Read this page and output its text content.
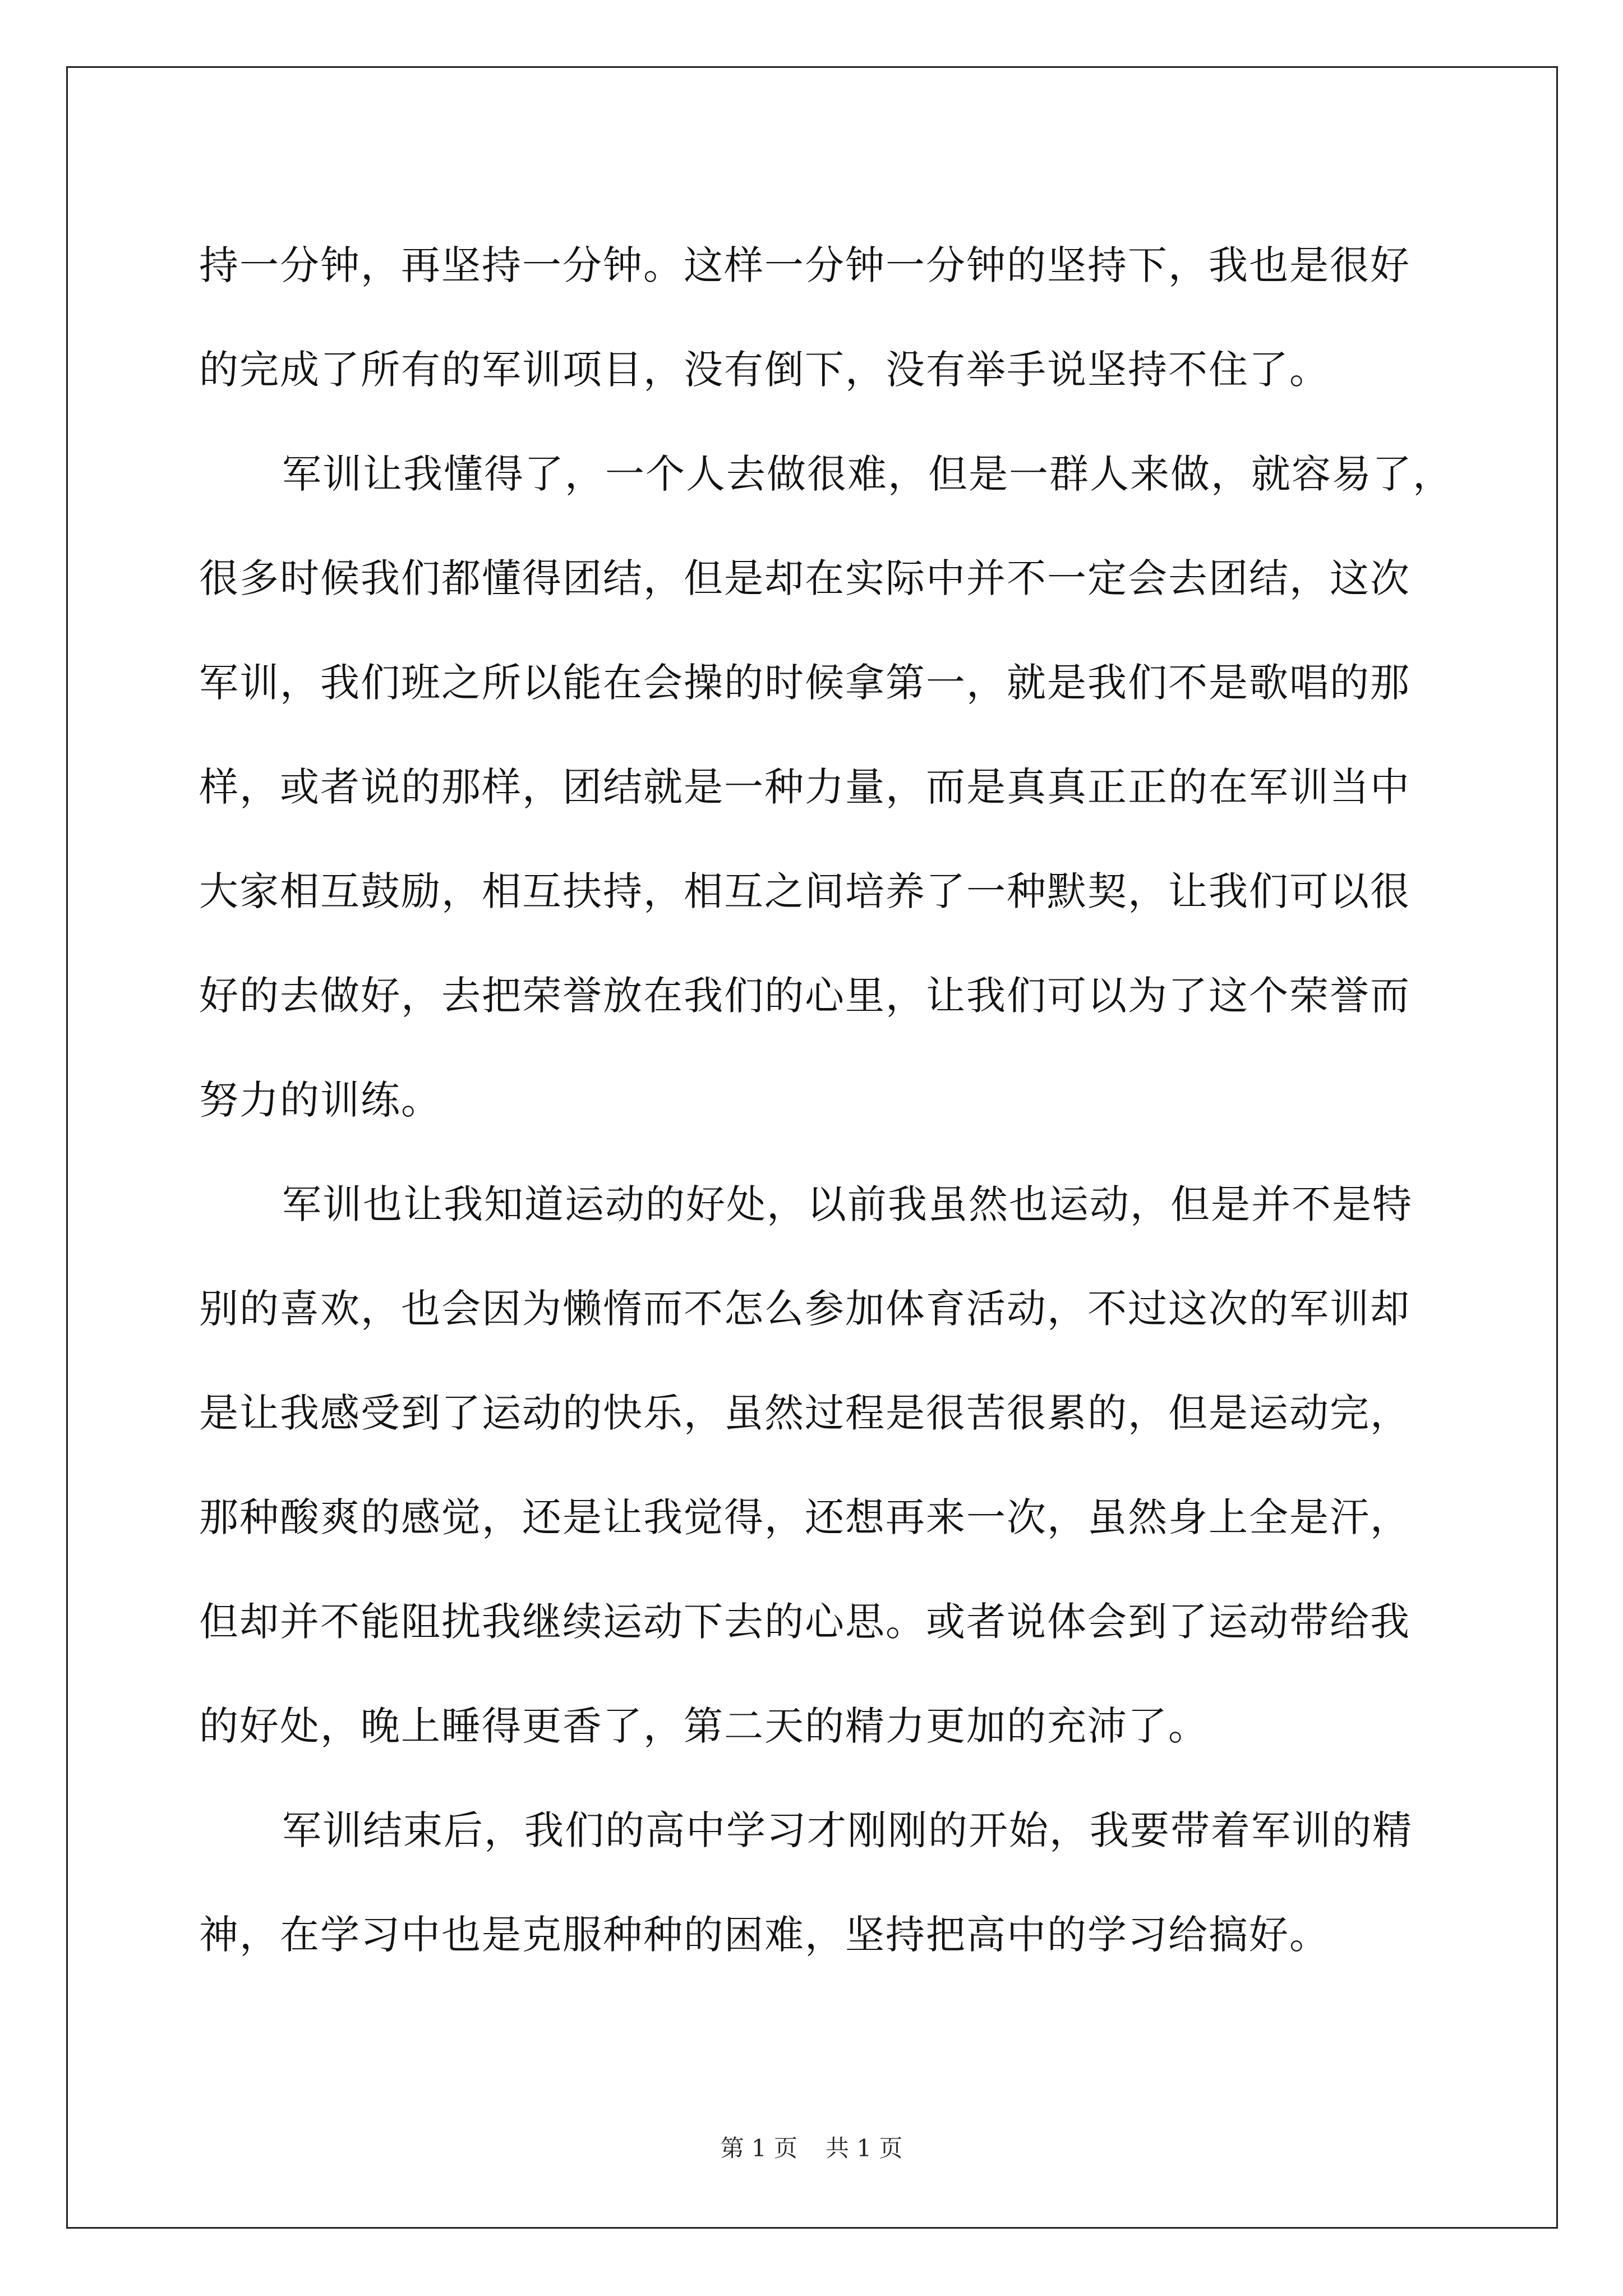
持一分钟，再坚持一分钟。这样一分钟一分钟的坚持下，我也是很好
的完成了所有的军训项目，没有倒下，没有举手说坚持不住了。
军训让我懂得了，一个人去做很难，但是一群人来做，就容易了，
很多时候我们都懂得团结，但是却在实际中并不一定会去团结，这次
军训，我们班之所以能在会操的时候拿第一，就是我们不是歌唱的那
样，或者说的那样，团结就是一种力量，而是真真正正的在军训当中
大家相互鼓励，相互扶持，相互之间培养了一种默契，让我们可以很
好的去做好，去把荣誉放在我们的心里，让我们可以为了这个荣誉而
努力的训练。
军训也让我知道运动的好处，以前我虽然也运动，但是并不是特
别的喜欢，也会因为懒惰而不怎么参加体育活动，不过这次的军训却
是让我感受到了运动的快乐，虽然过程是很苦很累的，但是运动完，
那种酸爽的感觉，还是让我觉得，还想再来一次，虽然身上全是汗，
但却并不能阻扰我继续运动下去的心思。或者说体会到了运动带给我
的好处，晚上睡得更香了，第二天的精力更加的充沛了。
军训结束后，我们的高中学习才刚刚的开始，我要带着军训的精
神，在学习中也是克服种种的困难，坚持把高中的学习给搞好。
第 1 页 共 1 页
